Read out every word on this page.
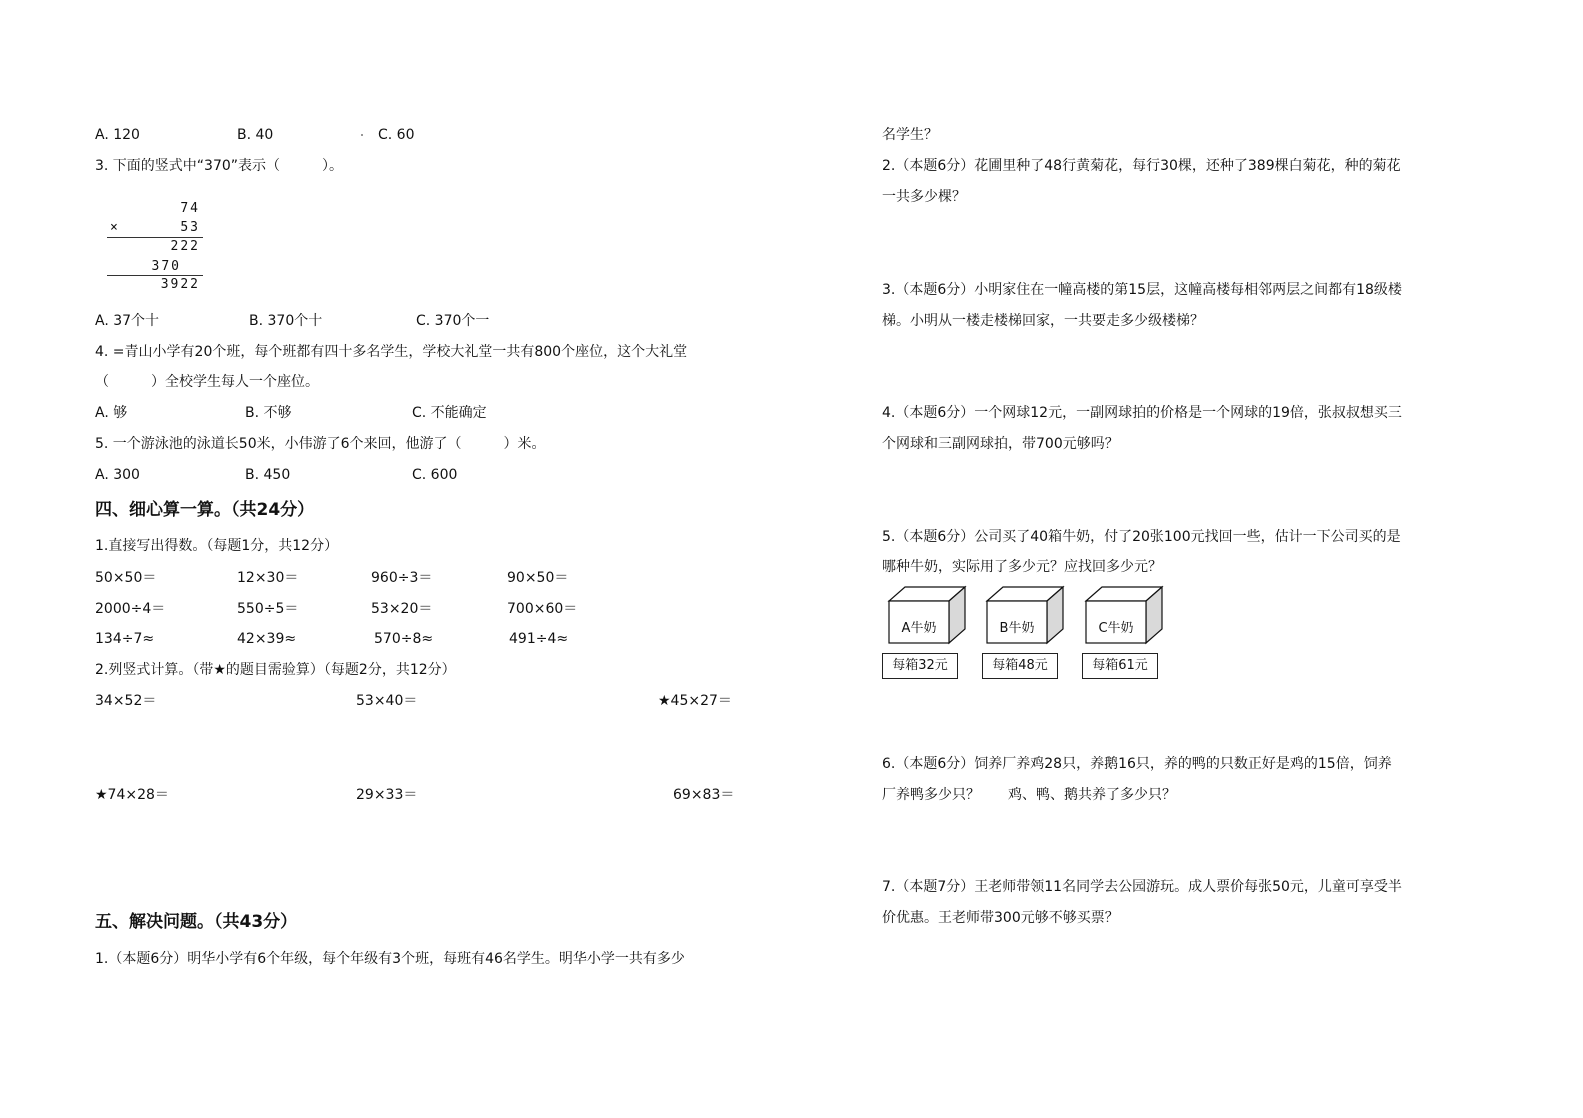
A. 120	B. 40	C. 60
3. 下面的竖式中“370”表示（　　　）。
74
×	53
222
370
3922
A. 37个十	B. 370个十	C. 370个一
4. =青山小学有20个班，每个班都有四十多名学生，学校大礼堂一共有800个座位，这个大礼堂
（　　　）全校学生每人一个座位。
A. 够	B. 不够	C. 不能确定
5. 一个游泳池的泳道长50米，小伟游了6个来回，他游了（　　　）米。
A. 300	B. 450	C. 600
四、细心算一算。（共24分）
1.直接写出得数。（每题1分，共12分）
50×50＝	12×30＝	960÷3＝	90×50＝
2000÷4＝	550÷5＝	53×20＝	700×60＝
134÷7≈	42×39≈	570÷8≈	491÷4≈
2.列竖式计算。（带★的题目需验算）（每题2分，共12分）
34×52＝	53×40＝	★45×27＝
★74×28＝	29×33＝	69×83＝
五、解决问题。（共43分）
1.（本题6分）明华小学有6个年级，每个年级有3个班，每班有46名学生。明华小学一共有多少
名学生？
2.（本题6分）花圃里种了48行黄菊花，每行30棵，还种了389棵白菊花，种的菊花
一共多少棵？
3.（本题6分）小明家住在一幢高楼的第15层，这幢高楼每相邻两层之间都有18级楼
梯。小明从一楼走楼梯回家，一共要走多少级楼梯？
4.（本题6分）一个网球12元，一副网球拍的价格是一个网球的19倍，张叔叔想买三
个网球和三副网球拍，带700元够吗？
5.（本题6分）公司买了40箱牛奶，付了20张100元找回一些，估计一下公司买的是
哪种牛奶，实际用了多少元？应找回多少元？
A牛奶
每箱32元
B牛奶
每箱48元
C牛奶
每箱61元
6.（本题6分）饲养厂养鸡28只，养鹅16只，养的鸭的只数正好是鸡的15倍，饲养
厂养鸭多少只？　　鸡、鸭、鹅共养了多少只？
7.（本题7分）王老师带领11名同学去公园游玩。成人票价每张50元，儿童可享受半
价优惠。王老师带300元够不够买票？
